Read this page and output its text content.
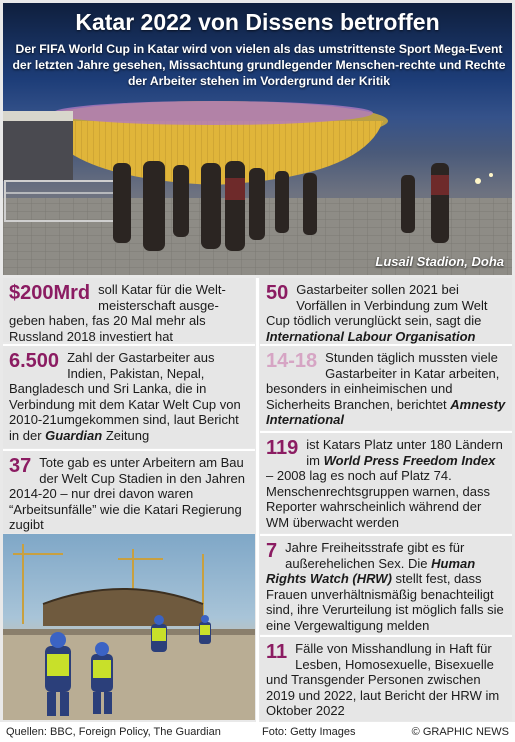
Katar 2022 von Dissens betroffen
Der FIFA World Cup in Katar wird von vielen als das umstrittenste Sport Mega-Event der letzten Jahre gesehen, Missachtung grundlegender Menschen-rechte und Rechte der Arbeiter stehen im Vordergrund der Kritik
Lusail Stadion, Doha
$200Mrd soll Katar für die Welt-meisterschaft ausge-geben haben, fas 20 Mal mehr als Russland 2018 investiert hat
6.500 Zahl der Gastarbeiter aus Indien, Pakistan, Nepal, Bangladesch und Sri Lanka, die in Verbindung mit dem Katar Welt Cup von 2010-21umgekommen sind, laut Bericht in der Guardian Zeitung
37 Tote gab es unter Arbeitern am Bau der Welt Cup Stadien in den Jahren 2014-20 – nur drei davon waren “Arbeitsunfälle” wie die Katari Regierung zugibt
50 Gastarbeiter sollen 2021 bei Vorfällen in Verbindung zum Welt Cup tödlich verunglückt sein, sagt die International Labour Organisation
14-18 Stunden täglich mussten viele Gastarbeiter in Katar arbeiten, besonders in einheimischen und Sicherheits Branchen, berichtet Amnesty International
119 ist Katars Platz unter 180 Ländern im World Press Freedom Index – 2008 lag es noch auf Platz 74. Menschenrechtsgruppen warnen, dass Reporter wahrscheinlich während der WM überwacht werden
7 Jahre Freiheitsstrafe gibt es für außerehelichen Sex. Die Human Rights Watch (HRW) stellt fest, dass Frauen unverhältnismäßig benachteiligt sind, ihre Verurteilung ist möglich falls sie eine Vergewaltigung melden
11 Fälle von Misshandlung in Haft für Lesben, Homosexuelle, Bisexuelle und Transgender Personen zwischen 2019 und 2022, laut Bericht der HRW im Oktober 2022
Quellen: BBC, Foreign Policy, The Guardian	Foto: Getty Images	© GRAPHIC NEWS
